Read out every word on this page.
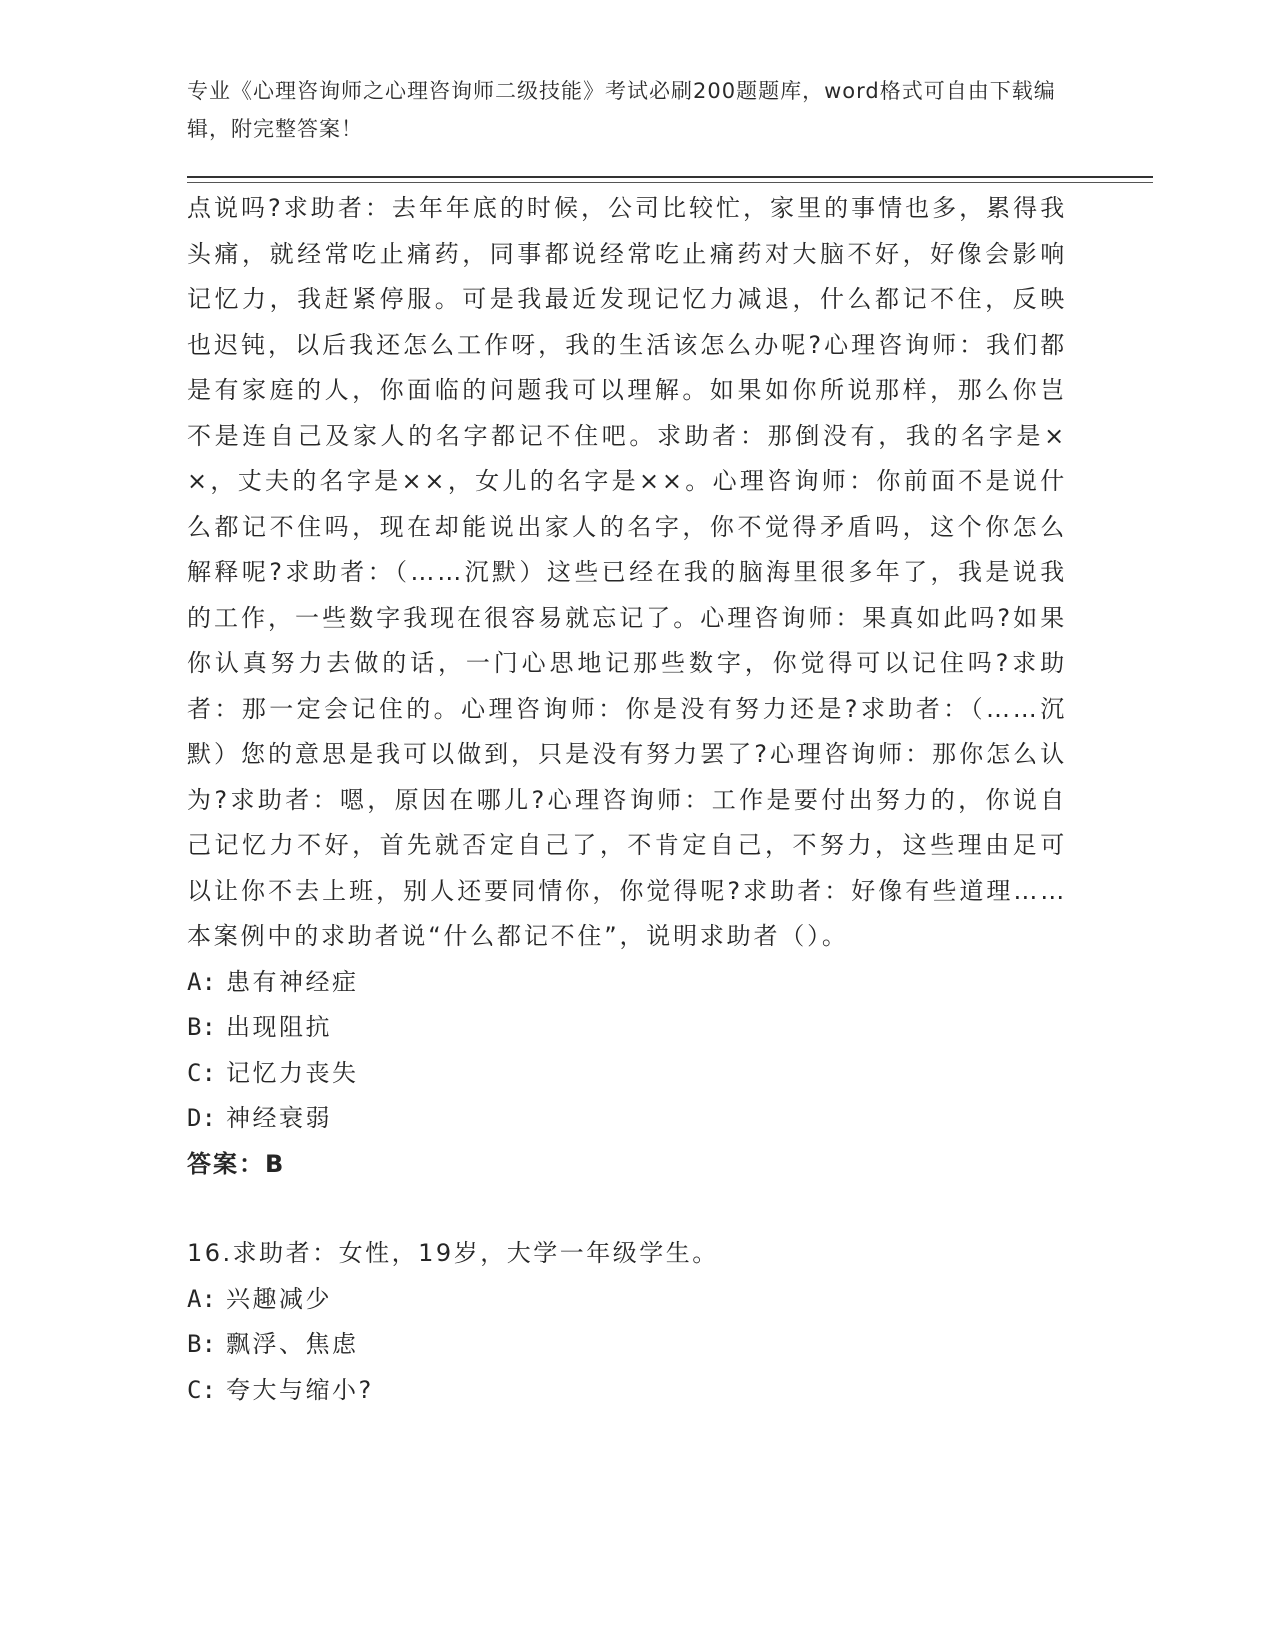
专业《心理咨询师之心理咨询师二级技能》考试必刷200题题库，word格式可自由下载编辑，附完整答案！

点说吗?求助者：去年年底的时候，公司比较忙，家里的事情也多，累得我头痛，就经常吃止痛药，同事都说经常吃止痛药对大脑不好，好像会影响记忆力，我赶紧停服。可是我最近发现记忆力减退，什么都记不住，反映也迟钝，以后我还怎么工作呀，我的生活该怎么办呢?心理咨询师：我们都是有家庭的人，你面临的问题我可以理解。如果如你所说那样，那么你岂不是连自己及家人的名字都记不住吧。求助者：那倒没有，我的名字是××，丈夫的名字是××，女儿的名字是××。心理咨询师：你前面不是说什么都记不住吗，现在却能说出家人的名字，你不觉得矛盾吗，这个你怎么解释呢?求助者：（……沉默）这些已经在我的脑海里很多年了，我是说我的工作，一些数字我现在很容易就忘记了。心理咨询师：果真如此吗?如果你认真努力去做的话，一门心思地记那些数字，你觉得可以记住吗?求助者：那一定会记住的。心理咨询师：你是没有努力还是?求助者：（……沉默）您的意思是我可以做到，只是没有努力罢了?心理咨询师：那你怎么认为?求助者：嗯，原因在哪儿?心理咨询师：工作是要付出努力的，你说自己记忆力不好，首先就否定自己了，不肯定自己，不努力，这些理由足可以让你不去上班，别人还要同情你，你觉得呢?求助者：好像有些道理……本案例中的求助者说“什么都记不住”，说明求助者（）。

A: 患有神经症

B: 出现阻抗

C: 记忆力丧失

D: 神经衰弱

答案：B

16.求助者：女性，19岁，大学一年级学生。

A: 兴趣减少

B: 飘浮、焦虑

C: 夸大与缩小?
